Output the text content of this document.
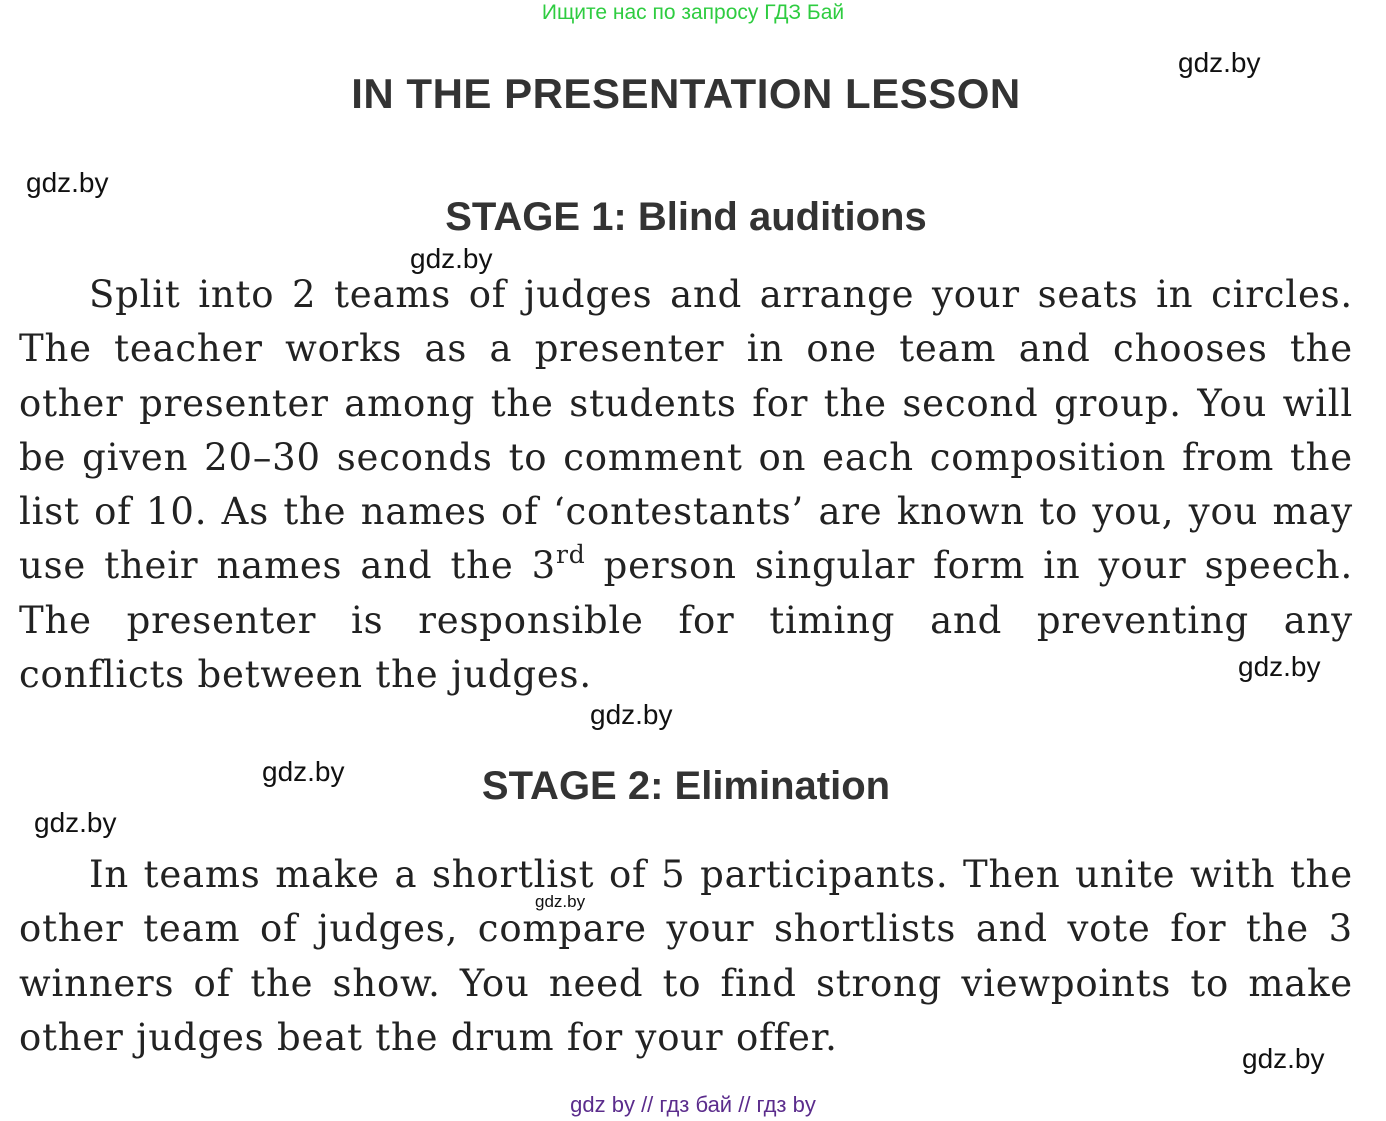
Ищите нас по запросу ГДЗ Бай
IN THE PRESENTATION LESSON
STAGE 1: Blind auditions

Split into 2 teams of judges and arrange your seats in circles. The teacher works as a presenter in one team and chooses the other presenter among the students for the second group. You will be given 20–30 seconds to comment on each composition from the list of 10. As the names of ‘contestants’ are known to you, you may use their names and the 3rd person singular form in your speech. The presenter is responsible for timing and preventing any conflicts between the judges.

STAGE 2: Elimination

In teams make a shortlist of 5 participants. Then unite with the other team of judges, compare your shortlists and vote for the 3 winners of the show. You need to find strong viewpoints to make other judges beat the drum for your offer.

gdz.by
gdz.by
gdz.by
gdz.by
gdz.by
gdz.by
gdz.by
gdz.by
gdz.by
gdz by // гдз бай // гдз by
